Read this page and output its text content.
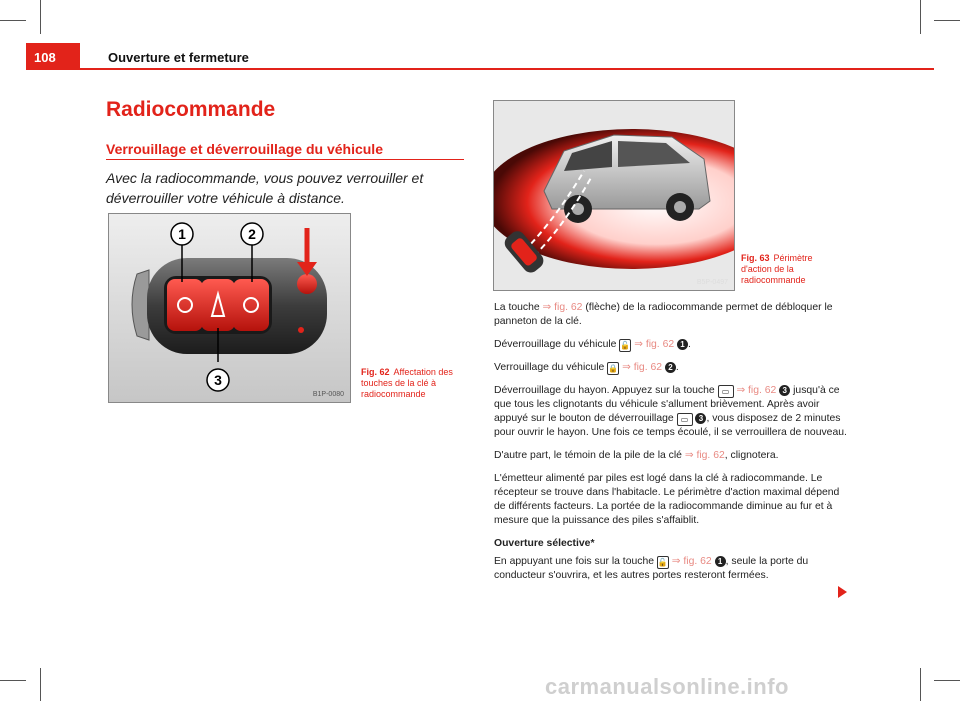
108	Ouverture et fermeture
Radiocommande
Verrouillage et déverrouillage du véhicule
Avec la radiocommande, vous pouvez verrouiller et déverrouiller votre véhicule à distance.
1	2
3
B1P-0080
Fig. 62 Affectation des touches de la clé à radiocommande
B5P-0497
Fig. 63 Périmètre d'action de la radiocommande

La touche ⇒ fig. 62 (flèche) de la radiocommande permet de débloquer le panneton de la clé.

Déverrouillage du véhicule 🔓 ⇒ fig. 62 1 .

Verrouillage du véhicule 🔒 ⇒ fig. 62 2 .

Déverrouillage du hayon. Appuyez sur la touche ▭ ⇒ fig. 62 3 jusqu'à ce que tous les clignotants du véhicule s'allument brièvement. Après avoir appuyé sur le bouton de déverrouillage ▭ 3 , vous disposez de 2 minutes pour ouvrir le hayon. Une fois ce temps écoulé, il se verrouillera de nouveau.

D'autre part, le témoin de la pile de la clé ⇒ fig. 62, clignotera.

L'émetteur alimenté par piles est logé dans la clé à radiocommande. Le récepteur se trouve dans l'habitacle. Le périmètre d'action maximal dépend de différents facteurs. La portée de la radiocommande diminue au fur et à mesure que la puissance des piles s'affaiblit.

Ouverture sélective*

En appuyant une fois sur la touche 🔓 ⇒ fig. 62 1 , seule la porte du conducteur s'ouvrira, et les autres portes resteront fermées.

carmanualsonline.info
